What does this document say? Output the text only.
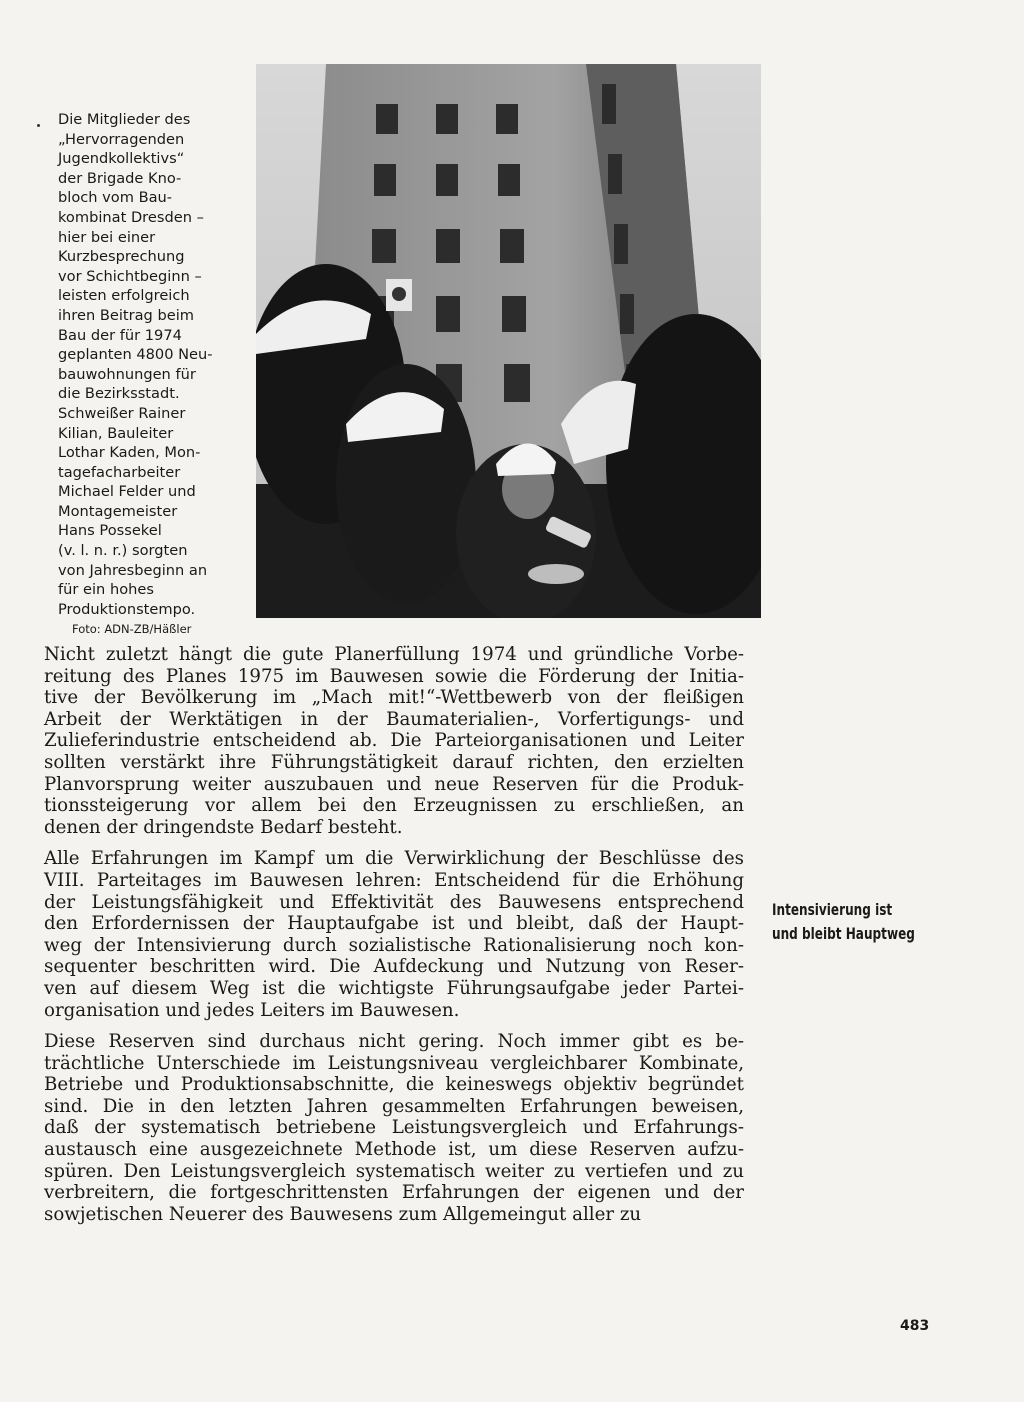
Die Mitglieder des
„Hervorragenden
Jugendkollektivs“
der Brigade Kno-
bloch vom Bau-
kombinat Dresden –
hier bei einer
Kurzbesprechung
vor Schichtbeginn –
leisten erfolgreich
ihren Beitrag beim
Bau der für 1974
geplanten 4800 Neu-
bauwohnungen für
die Bezirksstadt.
Schweißer Rainer
Kilian, Bauleiter
Lothar Kaden, Mon-
tagefacharbeiter
Michael Felder und
Montagemeister
Hans Possekel
(v. l. n. r.) sorgten
von Jahresbeginn an
für ein hohes
Produktionstempo.
Foto: ADN-ZB/Häßler
Nicht zuletzt hängt die gute Planerfüllung 1974 und gründliche Vorbe-
reitung des Planes 1975 im Bauwesen sowie die Förderung der Initia-
tive der Bevölkerung im „Mach mit!“-Wettbewerb von der fleißigen
Arbeit der Werktätigen in der Baumaterialien-, Vorfertigungs- und
Zulieferindustrie entscheidend ab. Die Parteiorganisationen und Leiter
sollten verstärkt ihre Führungstätigkeit darauf richten, den erzielten
Planvorsprung weiter auszubauen und neue Reserven für die Produk-
tionssteigerung vor allem bei den Erzeugnissen zu erschließen, an
denen der dringendste Bedarf besteht.
Alle Erfahrungen im Kampf um die Verwirklichung der Beschlüsse des
VIII. Parteitages im Bauwesen lehren: Entscheidend für die Erhöhung
der Leistungsfähigkeit und Effektivität des Bauwesens entsprechend
den Erfordernissen der Hauptaufgabe ist und bleibt, daß der Haupt-
weg der Intensivierung durch sozialistische Rationalisierung noch kon-
sequenter beschritten wird. Die Aufdeckung und Nutzung von Reser-
ven auf diesem Weg ist die wichtigste Führungsaufgabe jeder Partei-
organisation und jedes Leiters im Bauwesen.
Diese Reserven sind durchaus nicht gering. Noch immer gibt es be-
trächtliche Unterschiede im Leistungsniveau vergleichbarer Kombinate,
Betriebe und Produktionsabschnitte, die keineswegs objektiv begründet
sind. Die in den letzten Jahren gesammelten Erfahrungen beweisen,
daß der systematisch betriebene Leistungsvergleich und Erfahrungs-
austausch eine ausgezeichnete Methode ist, um diese Reserven aufzu-
spüren. Den Leistungsvergleich systematisch weiter zu vertiefen und zu
verbreitern, die fortgeschrittensten Erfahrungen der eigenen und der
sowjetischen Neuerer des Bauwesens zum Allgemeingut aller zu
Intensivierung ist
und bleibt Hauptweg
483
